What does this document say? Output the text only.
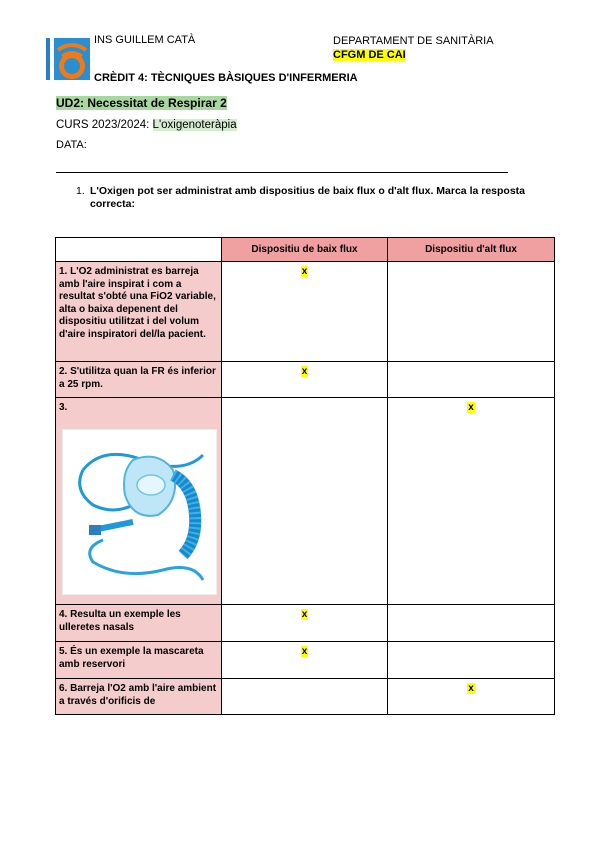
INS GUILLEM CATÀ	DEPARTAMENT DE SANITÀRIA
CFGM DE CAI
CRÈDIT 4: TÈCNIQUES BÀSIQUES D'INFERMERIA
UD2: Necessitat de Respirar 2
CURS 2023/2024: L'oxigenoteràpia
DATA:
1. L'Oxigen pot ser administrat amb dispositius de baix flux o d'alt flux. Marca la resposta correcta:
	Dispositiu de baix flux	Dispositiu d'alt flux
1. L'O2 administrat es barreja amb l'aire inspirat i com a resultat s'obté una FiO2 variable, alta o baixa depenent del dispositiu utilitzat i del volum d'aire inspiratori del/la pacient.	x	
2. S'utilitza quan la FR és inferior a 25 rpm.	x	

3.		x
4. Resulta un exemple les ulleretes nasals	x	
5. És un exemple la mascareta amb reservori	x	
6. Barreja l'O2 amb l'aire ambient a través d'orificis de		x
